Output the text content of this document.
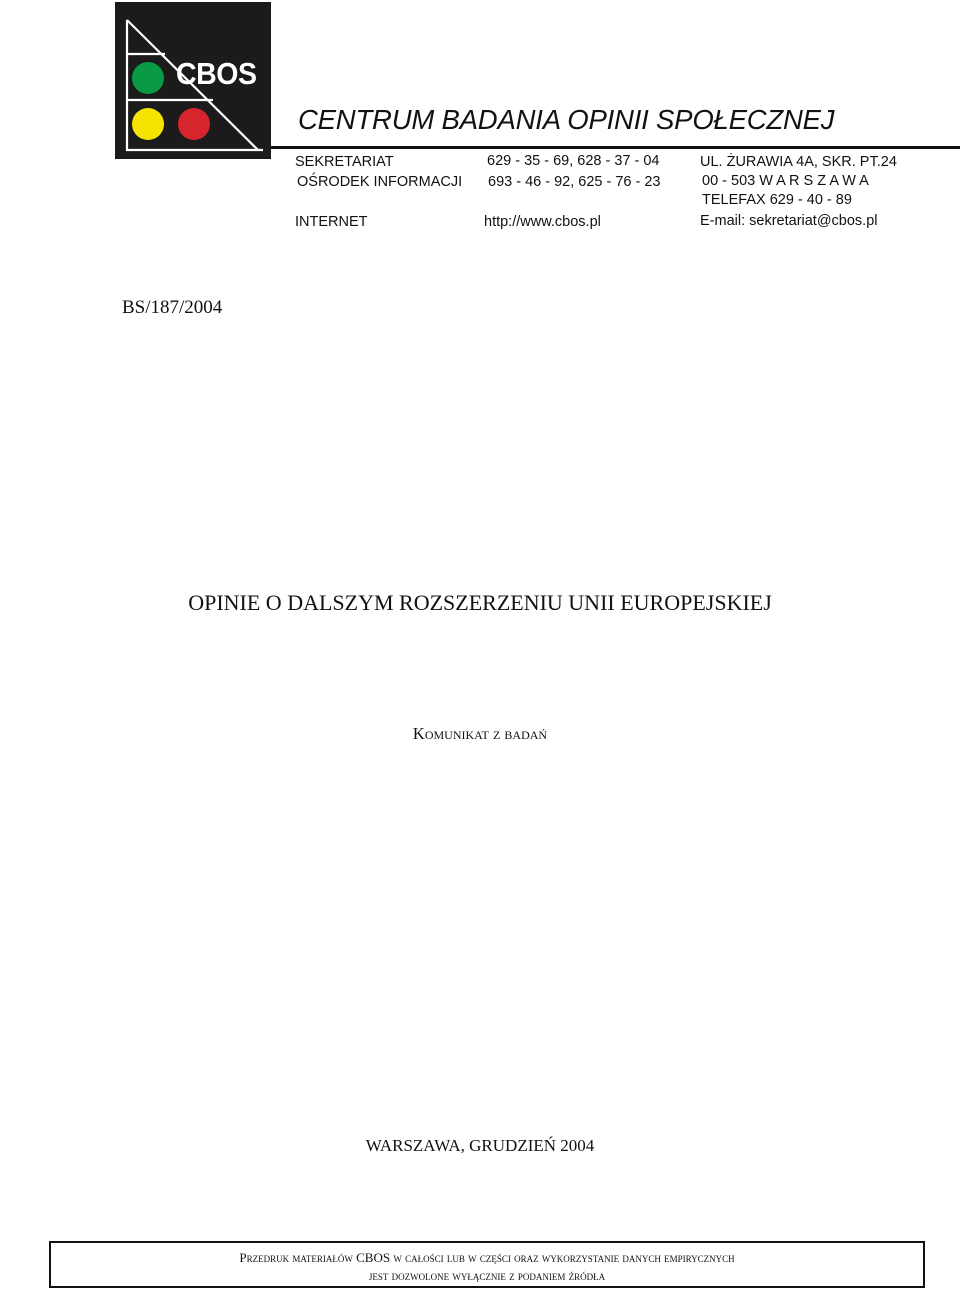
CBOS
CENTRUM BADANIA OPINII SPOŁECZNEJ
SEKRETARIAT	629 - 35 - 69, 628 - 37 - 04
OŚRODEK INFORMACJI 693 - 46 - 92, 625 - 76 - 23
INTERNET	http://www.cbos.pl
UL. ŻURAWIA 4A, SKR. PT.24
00 - 503 W A R S Z A W A
TELEFAX 629 - 40 - 89
E-mail: sekretariat@cbos.pl
BS/187/2004
OPINIE O DALSZYM ROZSZERZENIU UNII EUROPEJSKIEJ
Komunikat z badań
WARSZAWA, GRUDZIEŃ 2004
Przedruk materiałów CBOS w całości lub w części oraz wykorzystanie danych empirycznych
jest dozwolone wyłącznie z podaniem źródła
